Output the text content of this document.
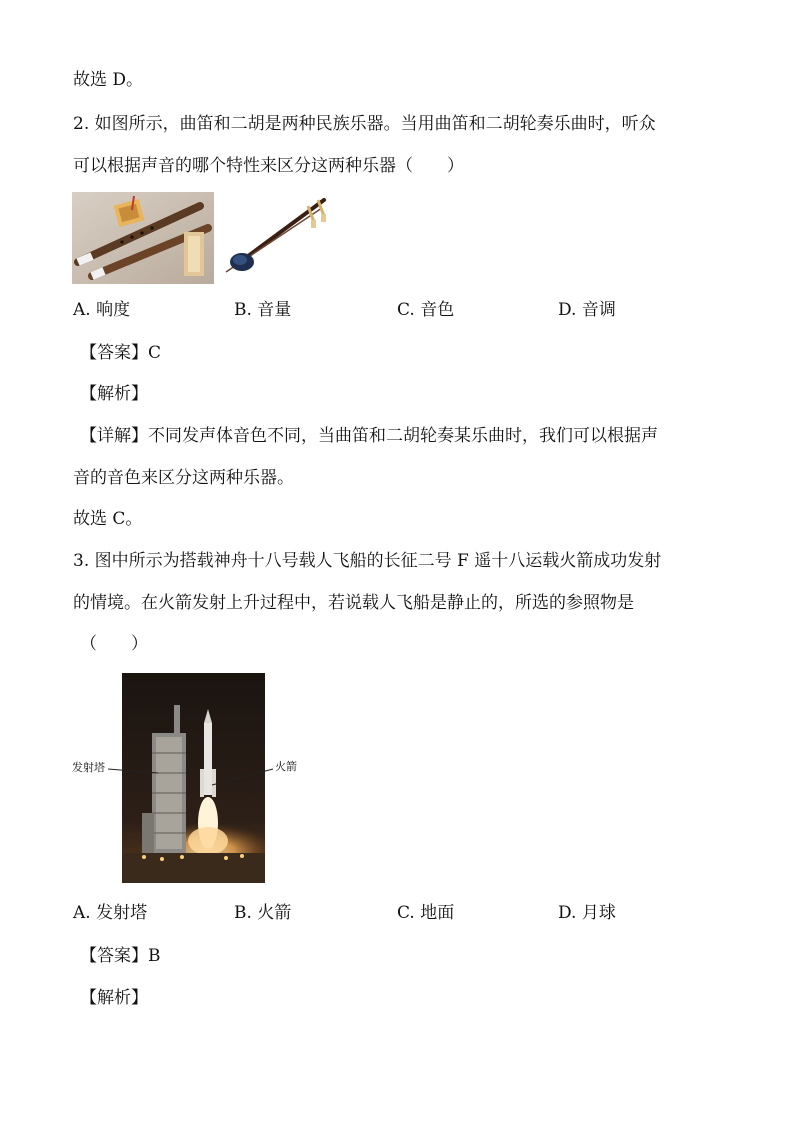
故选 D。
2. 如图所示，曲笛和二胡是两种民族乐器。当用曲笛和二胡轮奏乐曲时，听众
可以根据声音的哪个特性来区分这两种乐器（　　）
A. 响度	B. 音量	C. 音色	D. 音调
【答案】C
【解析】
【详解】不同发声体音色不同，当曲笛和二胡轮奏某乐曲时，我们可以根据声
音的音色来区分这两种乐器。
故选 C。
3. 图中所示为搭载神舟十八号载人飞船的长征二号 F 遥十八运载火箭成功发射
的情境。在火箭发射上升过程中，若说载人飞船是静止的，所选的参照物是
（　　）
发射塔	火箭
A. 发射塔	B. 火箭	C. 地面	D. 月球
【答案】B
【解析】
